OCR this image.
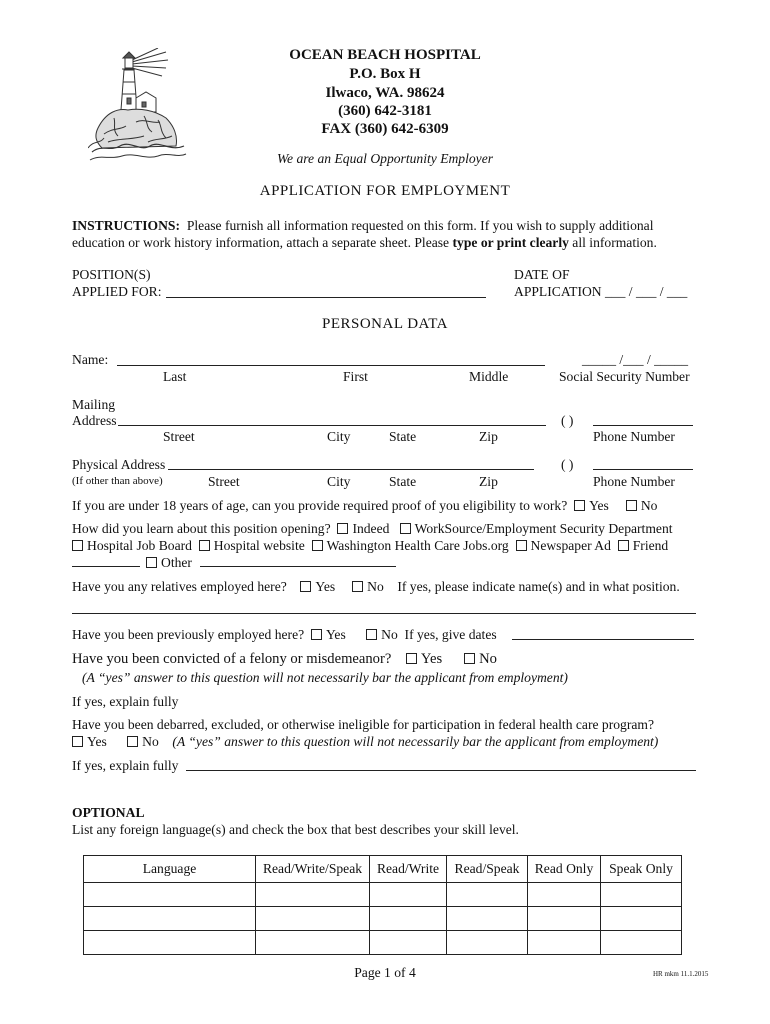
OCEAN BEACH HOSPITAL
P.O. Box H
Ilwaco, WA. 98624
(360) 642-3181
FAX (360) 642-6309
We are an Equal Opportunity Employer
APPLICATION FOR EMPLOYMENT
INSTRUCTIONS: Please furnish all information requested on this form. If you wish to supply additional
education or work history information, attach a separate sheet. Please type or print clearly all information.
POSITION(S)
APPLIED FOR:
DATE OF
APPLICATION ___ / ___ / ___
PERSONAL DATA
Name:	_____ /___ / _____
Last	First	Middle	Social Security Number
Mailing
Address	( )
Street	City	State	Zip	Phone Number
Physical Address	( )
(If other than above)	Street	City	State	Zip	Phone Number
If you are under 18 years of age, can you provide required proof of you eligibility to work? Yes No
How did you learn about this position opening? Indeed WorkSource/Employment Security Department
Hospital Job Board Hospital website Washington Health Care Jobs.org Newspaper Ad Friend
Other
Have you any relatives employed here? Yes No If yes, please indicate name(s) and in what position.
Have you been previously employed here? Yes	No If yes, give dates
Have you been convicted of a felony or misdemeanor? Yes	No
(A “yes” answer to this question will not necessarily bar the applicant from employment)
If yes, explain fully
Have you been debarred, excluded, or otherwise ineligible for participation in federal health care program?
Yes	No (A “yes” answer to this question will not necessarily bar the applicant from employment)
If yes, explain fully
OPTIONAL
List any foreign language(s) and check the box that best describes your skill level.
Language	Read/Write/Speak	Read/Write	Read/Speak	Read Only	Speak Only

Page 1 of 4	HR mkm 11.1.2015
